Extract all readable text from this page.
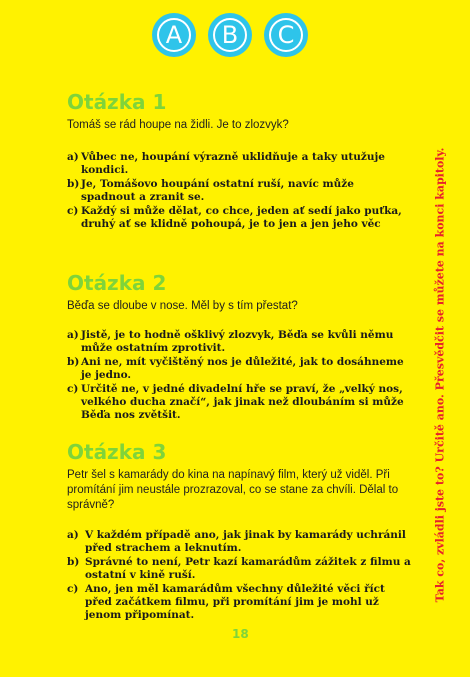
A	B	C
Otázka 1

Tomáš se rád houpe na židli. Je to zlozvyk?

a) Vůbec ne, houpání výrazně uklidňuje a taky utužuje kondici.
b) Je, Tomášovo houpání ostatní ruší, navíc může spadnout a zranit se.
c) Každý si může dělat, co chce, jeden ať sedí jako puťka, druhý ať se klidně pohoupá, je to jen a jen jeho věc
Otázka 2

Běďa se dloube v nose. Měl by s tím přestat?

a) Jistě, je to hodně ošklivý zlozvyk, Běďa se kvůli němu může ostatním zprotivit.
b) Ani ne, mít vyčištěný nos je důležité, jak to dosáhneme je jedno.
c) Určitě ne, v jedné divadelní hře se praví, že „velký nos, velkého ducha značí“, jak jinak než dloubáním si může Běďa nos zvětšit.
Otázka 3

Petr šel s kamarády do kina na napínavý film, který už viděl. Při promítání jim neustále prozrazoval, co se stane za chvíli. Dělal to správně?

a) V každém případě ano, jak jinak by kamarády uchránil před strachem a leknutím.
b) Správné to není, Petr kazí kamarádům zážitek z filmu a ostatní v kině ruší.
c) Ano, jen měl kamarádům všechny důležité věci říct před začátkem filmu, při promítání jim je mohl už jenom připomínat.
18
Tak co, zvládli jste to? Určitě ano. Přesvědčit se můžete na konci kapitoly.
